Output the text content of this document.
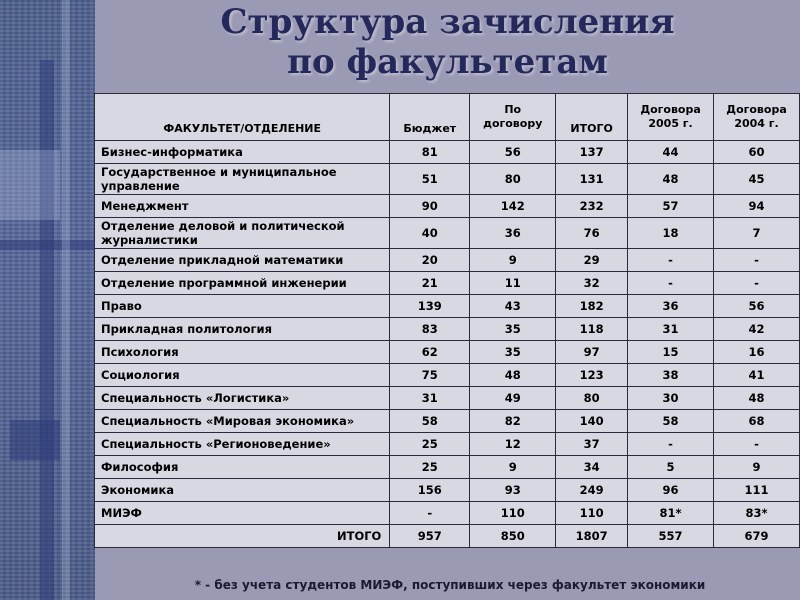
Структура зачисления
по факультетам
ФАКУЛЬТЕТ/ОТДЕЛЕНИЕ	Бюджет	По договору	ИТОГО	Договора 2005 г.	Договора 2004 г.
Бизнес-информатика	81	56	137	44	60
Государственное и муниципальное управление	51	80	131	48	45
Менеджмент	90	142	232	57	94
Отделение деловой и политической журналистики	40	36	76	18	7
Отделение прикладной математики	20	9	29	-	-
Отделение программной инженерии	21	11	32	-	-
Право	139	43	182	36	56
Прикладная политология	83	35	118	31	42
Психология	62	35	97	15	16
Социология	75	48	123	38	41
Специальность «Логистика»	31	49	80	30	48
Специальность «Мировая экономика»	58	82	140	58	68
Специальность «Регионоведение»	25	12	37	-	-
Философия	25	9	34	5	9
Экономика	156	93	249	96	111
МИЭФ	-	110	110	81*	83*
ИТОГО	957	850	1807	557	679

* - без учета студентов МИЭФ, поступивших через факультет экономики
